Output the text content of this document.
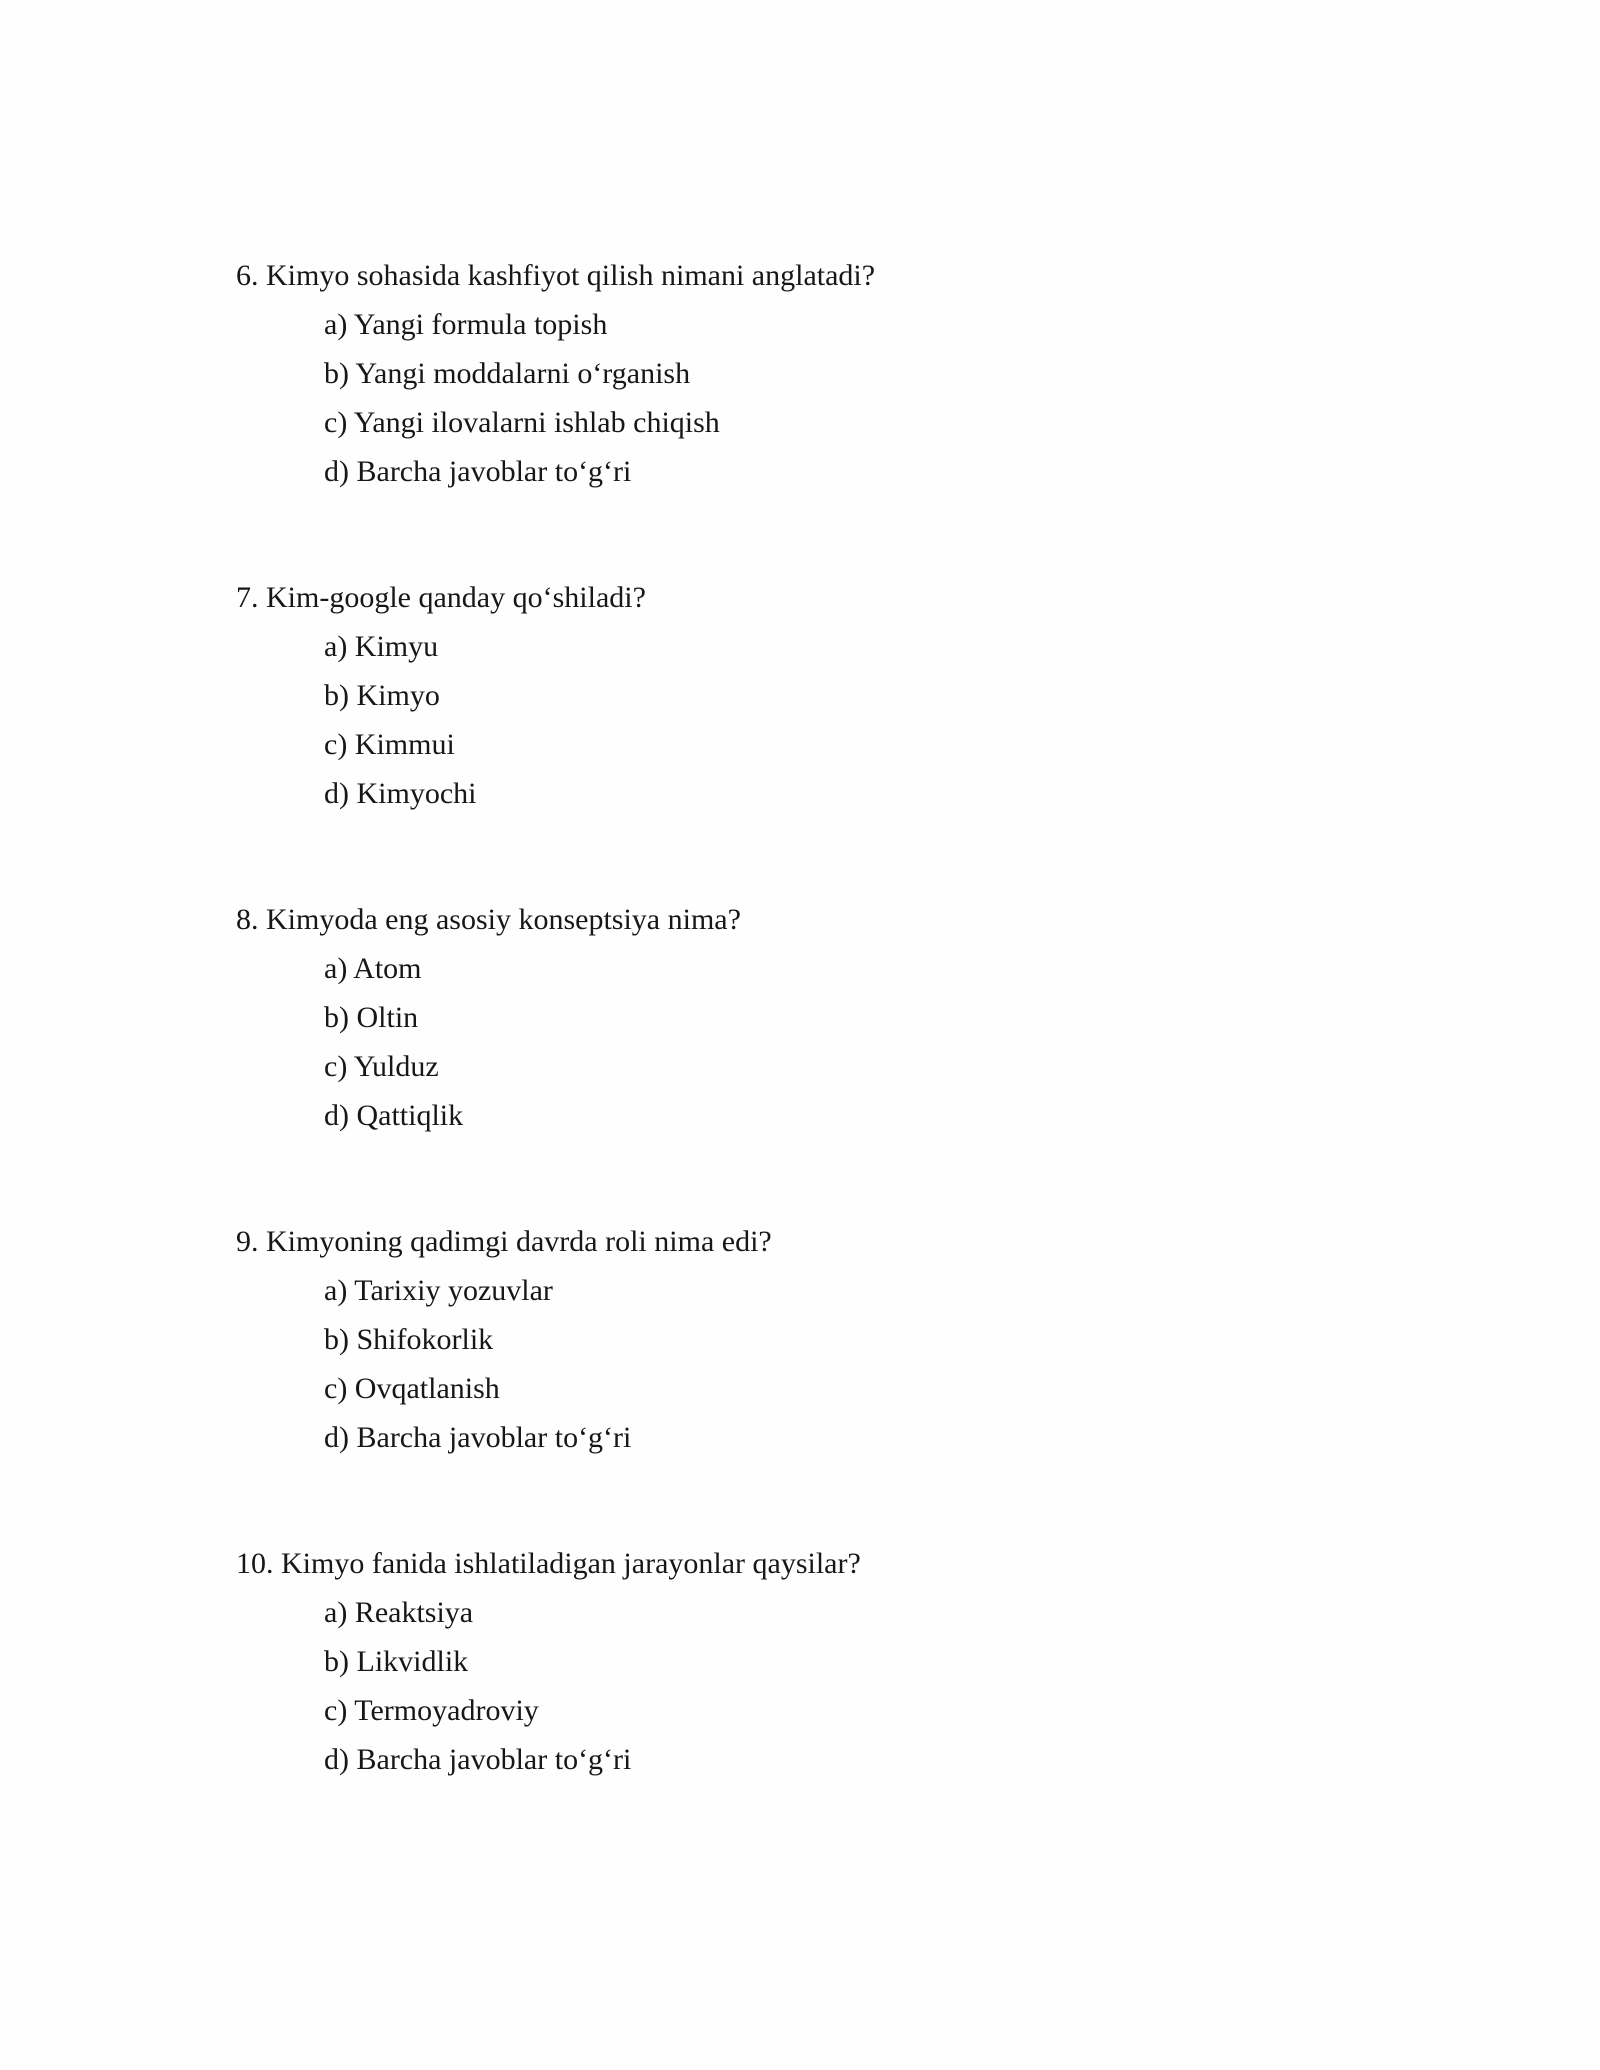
6. Kimyo sohasida kashfiyot qilish nimani anglatadi?

a) Yangi formula topish

b) Yangi moddalarni o‘rganish

c) Yangi ilovalarni ishlab chiqish

d) Barcha javoblar to‘g‘ri

7. Kim-google qanday qo‘shiladi?

a) Kimyu

b) Kimyo

c) Kimmui

d) Kimyochi

8. Kimyoda eng asosiy konseptsiya nima?

a) Atom

b) Oltin

c) Yulduz

d) Qattiqlik

9. Kimyoning qadimgi davrda roli nima edi?

a) Tarixiy yozuvlar

b) Shifokorlik

c) Ovqatlanish

d) Barcha javoblar to‘g‘ri

10. Kimyo fanida ishlatiladigan jarayonlar qaysilar?

a) Reaktsiya

b) Likvidlik

c) Termoyadroviy

d) Barcha javoblar to‘g‘ri
